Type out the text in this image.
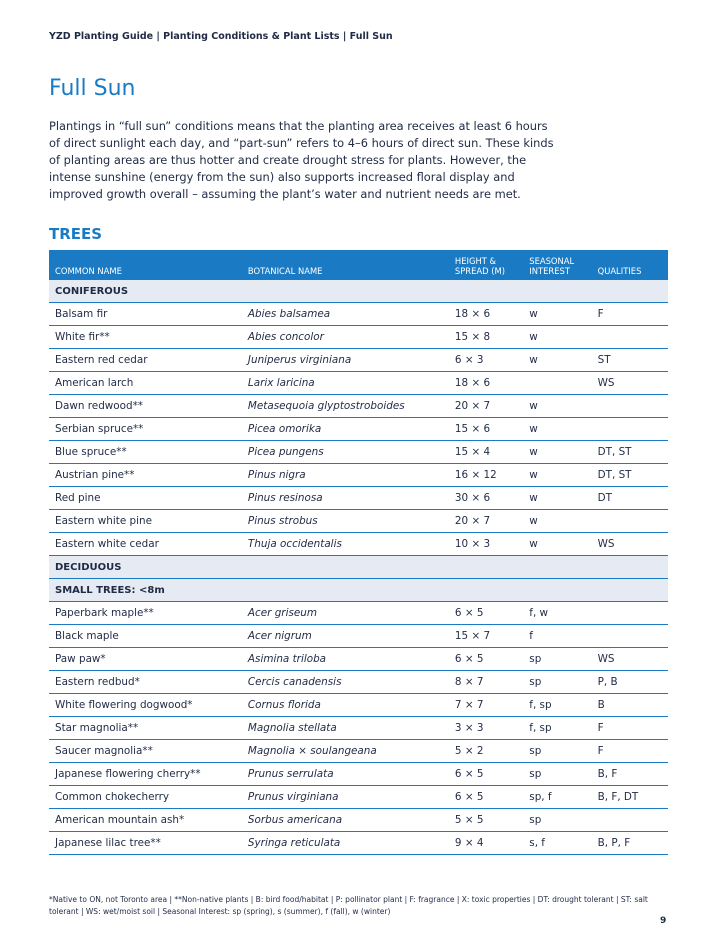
YZD Planting Guide | Planting Conditions & Plant Lists | Full Sun
Full Sun

Plantings in “full sun” conditions means that the planting area receives at least 6 hours of direct sunlight each day, and “part-sun” refers to 4–6 hours of direct sun. These kinds of planting areas are thus hotter and create drought stress for plants. However, the intense sunshine (energy from the sun) also supports increased floral display and improved growth overall – assuming the plant’s water and nutrient needs are met.

TREES
COMMON NAME	BOTANICAL NAME	HEIGHT & SPREAD (M)	SEASONAL INTEREST	QUALITIES
CONIFEROUS				
Balsam fir	Abies balsamea	18 × 6	w	F
White fir**	Abies concolor	15 × 8	w	
Eastern red cedar	Juniperus virginiana	6 × 3	w	ST
American larch	Larix laricina	18 × 6		WS
Dawn redwood**	Metasequoia glyptostroboides	20 × 7	w	
Serbian spruce**	Picea omorika	15 × 6	w	
Blue spruce**	Picea pungens	15 × 4	w	DT, ST
Austrian pine**	Pinus nigra	16 × 12	w	DT, ST
Red pine	Pinus resinosa	30 × 6	w	DT
Eastern white pine	Pinus strobus	20 × 7	w	
Eastern white cedar	Thuja occidentalis	10 × 3	w	WS
DECIDUOUS				
SMALL TREES: <8m				
Paperbark maple**	Acer griseum	6 × 5	f, w	
Black maple	Acer nigrum	15 × 7	f	
Paw paw*	Asimina triloba	6 × 5	sp	WS
Eastern redbud*	Cercis canadensis	8 × 7	sp	P, B
White flowering dogwood*	Cornus florida	7 × 7	f, sp	B
Star magnolia**	Magnolia stellata	3 × 3	f, sp	F
Saucer magnolia**	Magnolia × soulangeana	5 × 2	sp	F
Japanese flowering cherry**	Prunus serrulata	6 × 5	sp	B, F
Common chokecherry	Prunus virginiana	6 × 5	sp, f	B, F, DT
American mountain ash*	Sorbus americana	5 × 5	sp	
Japanese lilac tree**	Syringa reticulata	9 × 4	s, f	B, P, F
*Native to ON, not Toronto area | **Non-native plants | B: bird food/habitat | P: pollinator plant | F: fragrance | X: toxic properties | DT: drought tolerant | ST: salt tolerant | WS: wet/moist soil | Seasonal Interest: sp (spring), s (summer), f (fall), w (winter)
9
